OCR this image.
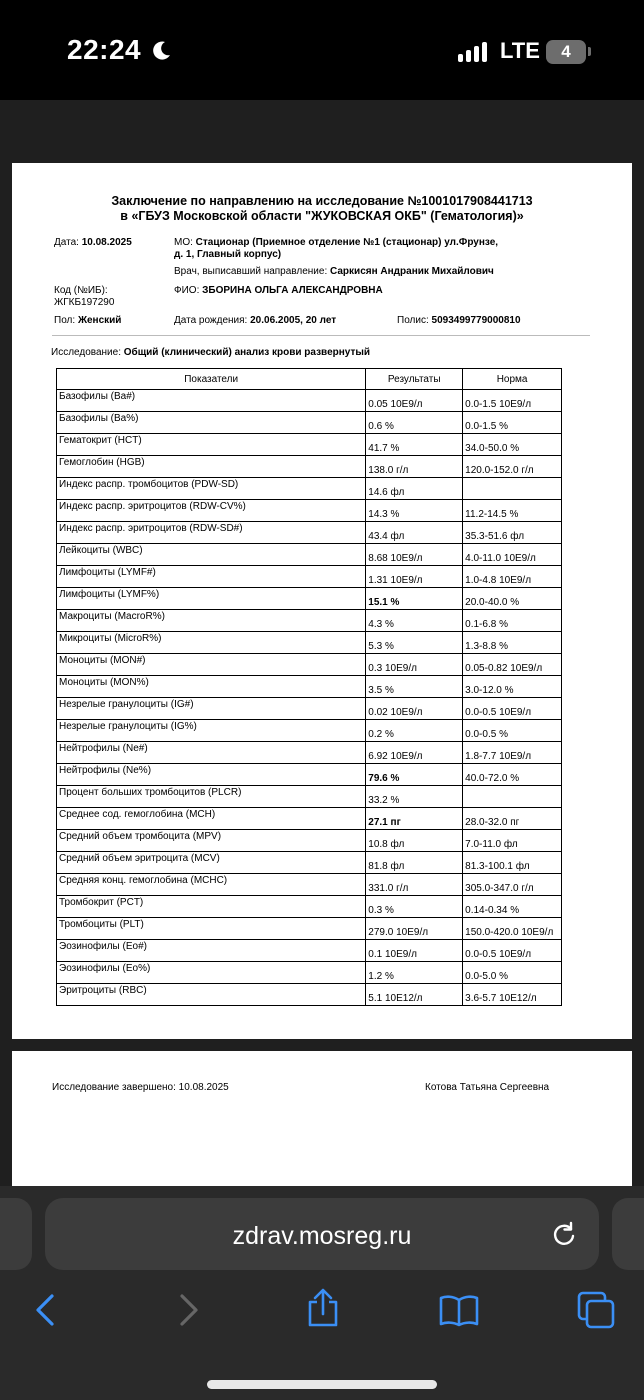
22:24	LTE	4
Заключение по направлению на исследование №1001017908441713
в «ГБУЗ Московской области "ЖУКОВСКАЯ ОКБ" (Гематология)»
Дата: 10.08.2025	МО: Стационар (Приемное отделение №1 (стационар) ул.Фрунзе,
д. 1, Главный корпус)
Врач, выписавший направление: Саркисян Андраник Михайлович
Код (№ИБ):
ЖГКБ197290
ФИО: ЗБОРИНА ОЛЬГА АЛЕКСАНДРОВНА
Пол: Женский	Дата рождения: 20.06.2005, 20 лет	Полис: 5093499779000810
Исследование: Общий (клинический) анализ крови развернутый
Показатели	Результаты	Норма
Базофилы (Ba#)	0.05 10E9/л	0.0-1.5 10E9/л
Базофилы (Ba%)	0.6 %	0.0-1.5 %
Гематокрит (HCT)	41.7 %	34.0-50.0 %
Гемоглобин (HGB)	138.0 г/л	120.0-152.0 г/л
Индекс распр. тромбоцитов (PDW-SD)	14.6 фл	
Индекс распр. эритроцитов (RDW-CV%)	14.3 %	11.2-14.5 %
Индекс распр. эритроцитов (RDW-SD#)	43.4 фл	35.3-51.6 фл
Лейкоциты (WBC)	8.68 10E9/л	4.0-11.0 10E9/л
Лимфоциты (LYMF#)	1.31 10E9/л	1.0-4.8 10E9/л
Лимфоциты (LYMF%)	15.1 %	20.0-40.0 %
Макроциты (MacroR%)	4.3 %	0.1-6.8 %
Микроциты (MicroR%)	5.3 %	1.3-8.8 %
Моноциты (MON#)	0.3 10E9/л	0.05-0.82 10E9/л
Моноциты (MON%)	3.5 %	3.0-12.0 %
Незрелые гранулоциты (IG#)	0.02 10E9/л	0.0-0.5 10E9/л
Незрелые гранулоциты (IG%)	0.2 %	0.0-0.5 %
Нейтрофилы (Ne#)	6.92 10E9/л	1.8-7.7 10E9/л
Нейтрофилы (Ne%)	79.6 %	40.0-72.0 %
Процент больших тромбоцитов (PLCR)	33.2 %	
Среднее сод. гемоглобина (MCH)	27.1 пг	28.0-32.0 пг
Средний объем тромбоцита (MPV)	10.8 фл	7.0-11.0 фл
Средний объем эритроцита (MCV)	81.8 фл	81.3-100.1 фл
Средняя конц. гемоглобина (MCHC)	331.0 г/л	305.0-347.0 г/л
Тромбокрит (PCT)	0.3 %	0.14-0.34 %
Тромбоциты (PLT)	279.0 10E9/л	150.0-420.0 10E9/л
Эозинофилы (Eo#)	0.1 10E9/л	0.0-0.5 10E9/л
Эозинофилы (Eo%)	1.2 %	0.0-5.0 %
Эритроциты (RBC)	5.1 10E12/л	3.6-5.7 10E12/л
Исследование завершено: 10.08.2025	Котова Татьяна Сергеевна
zdrav.mosreg.ru
